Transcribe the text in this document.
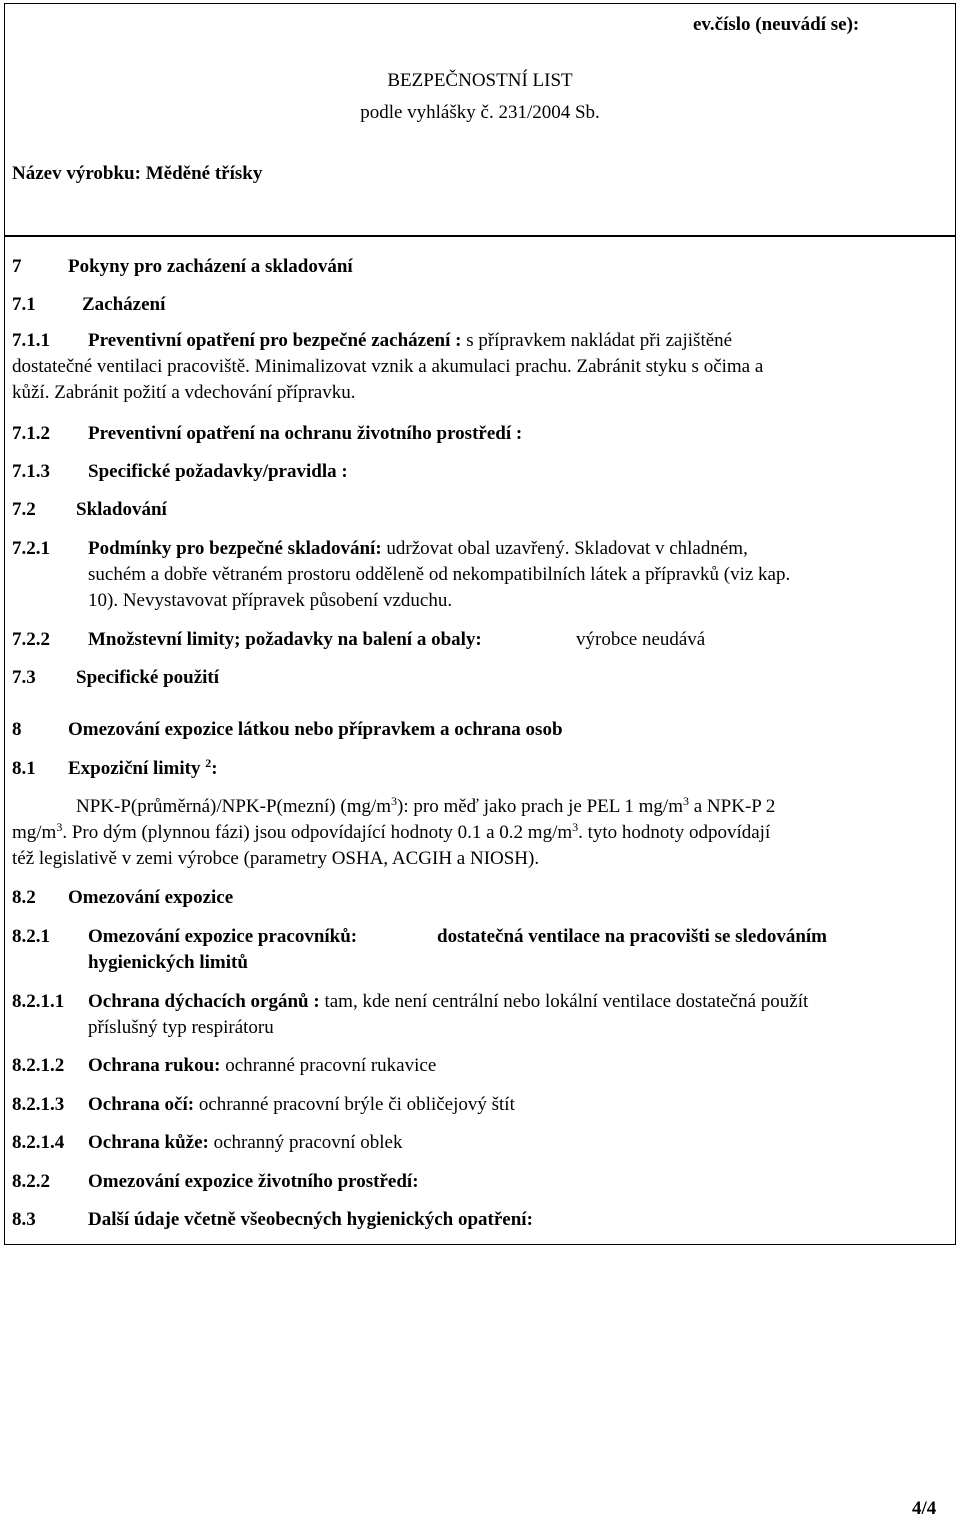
ev.číslo (neuvádí se):
BEZPEČNOSTNÍ LIST
podle vyhlášky č. 231/2004 Sb.
Název výrobku: Měděné třísky
7 Pokyny pro zacházení a skladování
7.1 Zacházení
7.1.1 Preventivní opatření pro bezpečné zacházení : s přípravkem nakládat při zajištěné
dostatečné ventilaci pracoviště. Minimalizovat vznik a akumulaci prachu. Zabránit styku s očima a
kůží. Zabránit požití a vdechování přípravku.
7.1.2 Preventivní opatření na ochranu životního prostředí :
7.1.3 Specifické požadavky/pravidla :
7.2 Skladování
7.2.1 Podmínky pro bezpečné skladování: udržovat obal uzavřený. Skladovat v chladném,
suchém a dobře větraném prostoru odděleně od nekompatibilních látek a přípravků (viz kap.
10). Nevystavovat přípravek působení vzduchu.
7.2.2 Množstevní limity; požadavky na balení a obaly:	výrobce neudává
7.3 Specifické použití
8 Omezování expozice látkou nebo přípravkem a ochrana osob
8.1 Expoziční limity $^2$:
NPK-P(průměrná)/NPK-P(mezní) $(mg/m^3)$: pro měď jako prach je PEL 1 $mg/m^3$ a NPK-P 2
$mg/m^3$. Pro dým (plynnou fázi) jsou odpovídající hodnoty 0.1 a 0.2 $mg/m^3$. tyto hodnoty odpovídají
též legislativě v zemi výrobce (parametry OSHA, ACGIH a NIOSH).
8.2 Omezování expozice
8.2.1 Omezování expozice pracovníků:	dostatečná ventilace na pracovišti se sledováním
hygienických limitů
8.2.1.1 Ochrana dýchacích orgánů : tam, kde není centrální nebo lokální ventilace dostatečná použít
příslušný typ respirátoru
8.2.1.2 Ochrana rukou: ochranné pracovní rukavice
8.2.1.3 Ochrana očí: ochranné pracovní brýle či obličejový štít
8.2.1.4 Ochrana kůže: ochranný pracovní oblek
8.2.2 Omezování expozice životního prostředí:
8.3	Další údaje včetně všeobecných hygienických opatření:
4/4
